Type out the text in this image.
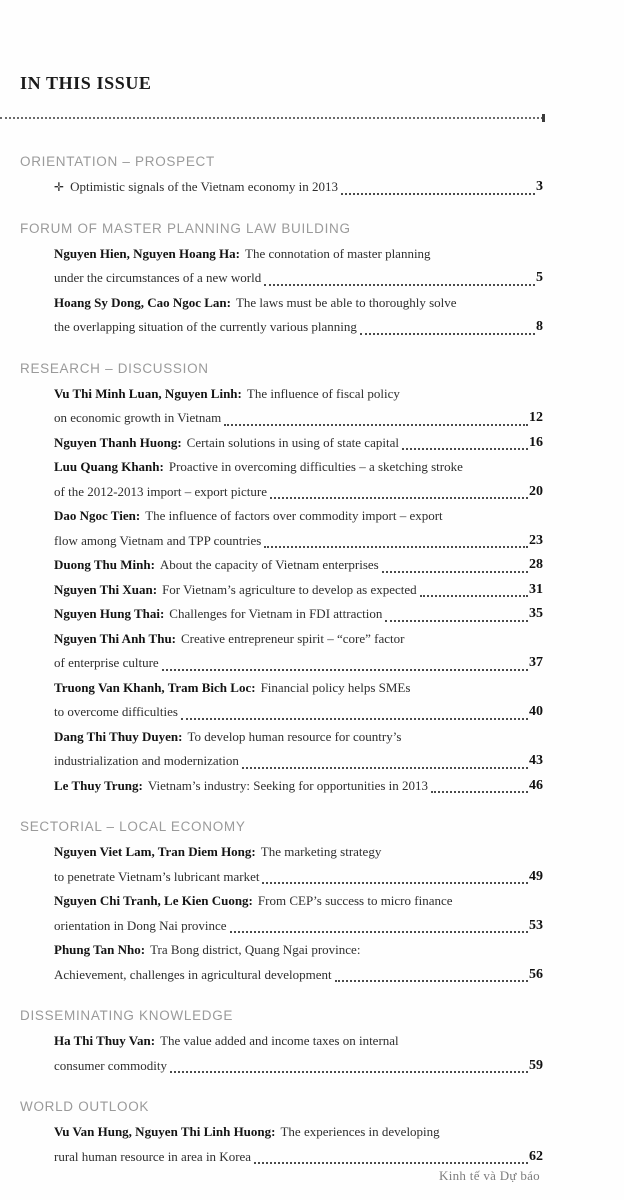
IN THIS ISSUE
ORIENTATION – PROSPECT
✛ Optimistic signals of the Vietnam economy in 2013	3
FORUM OF MASTER PLANNING LAW BUILDING
Nguyen Hien, Nguyen Hoang Ha: The connotation of master planning
under the circumstances of a new world	5
Hoang Sy Dong, Cao Ngoc Lan: The laws must be able to thoroughly solve
the overlapping situation of the currently various planning	8
RESEARCH – DISCUSSION
Vu Thi Minh Luan, Nguyen Linh: The influence of fiscal policy
on economic growth in Vietnam	12
Nguyen Thanh Huong: Certain solutions in using of state capital	16
Luu Quang Khanh: Proactive in overcoming difficulties – a sketching stroke
of the 2012-2013 import – export picture	20
Dao Ngoc Tien: The influence of factors over commodity import – export
flow among Vietnam and TPP countries	23
Duong Thu Minh: About the capacity of Vietnam enterprises	28
Nguyen Thi Xuan: For Vietnam’s agriculture to develop as expected	31
Nguyen Hung Thai: Challenges for Vietnam in FDI attraction	35
Nguyen Thi Anh Thu: Creative entrepreneur spirit – “core” factor
of enterprise culture	37
Truong Van Khanh, Tram Bich Loc: Financial policy helps SMEs
to overcome difficulties	40
Dang Thi Thuy Duyen: To develop human resource for country’s
industrialization and modernization	43
Le Thuy Trung: Vietnam’s industry: Seeking for opportunities in 2013	46
SECTORIAL – LOCAL ECONOMY
Nguyen Viet Lam, Tran Diem Hong: The marketing strategy
to penetrate Vietnam’s lubricant market	49
Nguyen Chi Tranh, Le Kien Cuong: From CEP’s success to micro finance
orientation in Dong Nai province	53
Phung Tan Nho: Tra Bong district, Quang Ngai province:
Achievement, challenges in agricultural development	56
DISSEMINATING KNOWLEDGE
Ha Thi Thuy Van: The value added and income taxes on internal
consumer commodity	59
WORLD OUTLOOK
Vu Van Hung, Nguyen Thi Linh Huong: The experiences in developing
rural human resource in area in Korea	62
Kinh tế và Dự báo
